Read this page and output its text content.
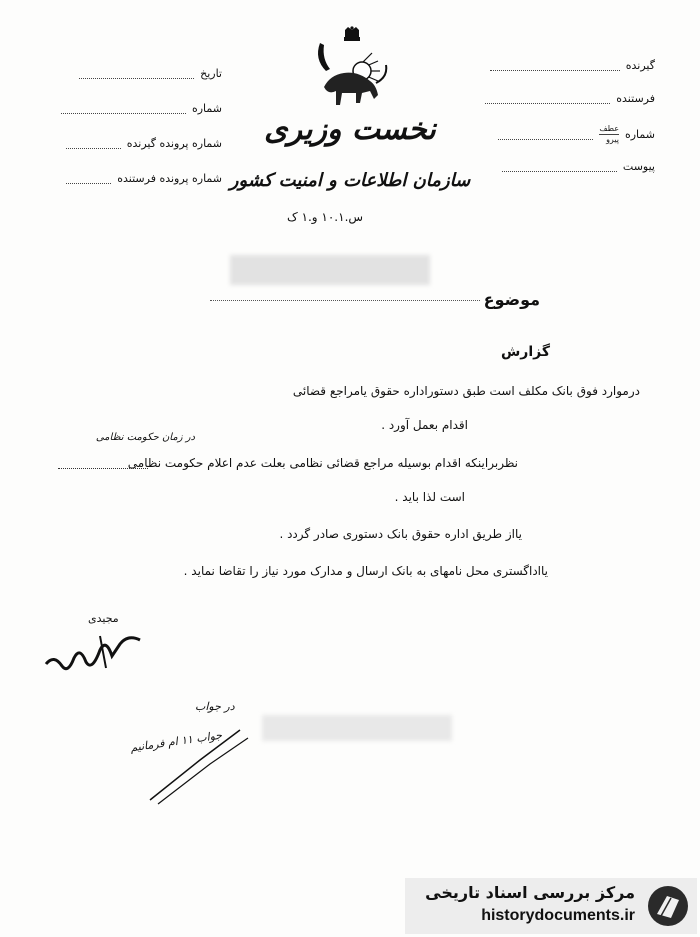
تاریخ
شماره
شماره پرونده گیرنده
شماره پرونده فرستنده
گیرنده
فرستنده
شماره
عطف
پیرو
پیوست
نخست وزیری
سازمان اطلاعات و امنیت کشور
س.۱۰.۱ و.۱ ک
موضوع
گزارش
درموارد فوق بانک مکلف است طبق دستوراداره حقوق یامراجع قضائی
اقدام بعمل آورد .
در زمان حکومت نظامی
نظربراینکه اقدام بوسیله مراجع قضائی نظامی بعلت عدم اعلام حکومت نظامی
است لذا باید .
یااز طریق اداره حقوق بانک دستوری صادر گردد .
یااداگستری محل نامهای به بانک ارسال و مدارک مورد نیاز را تقاضا نماید .
مجیدی
در جواب
جواب ۱۱ ام فرمانیم
مرکز بررسی اسناد تاریخی
historydocuments.ir
